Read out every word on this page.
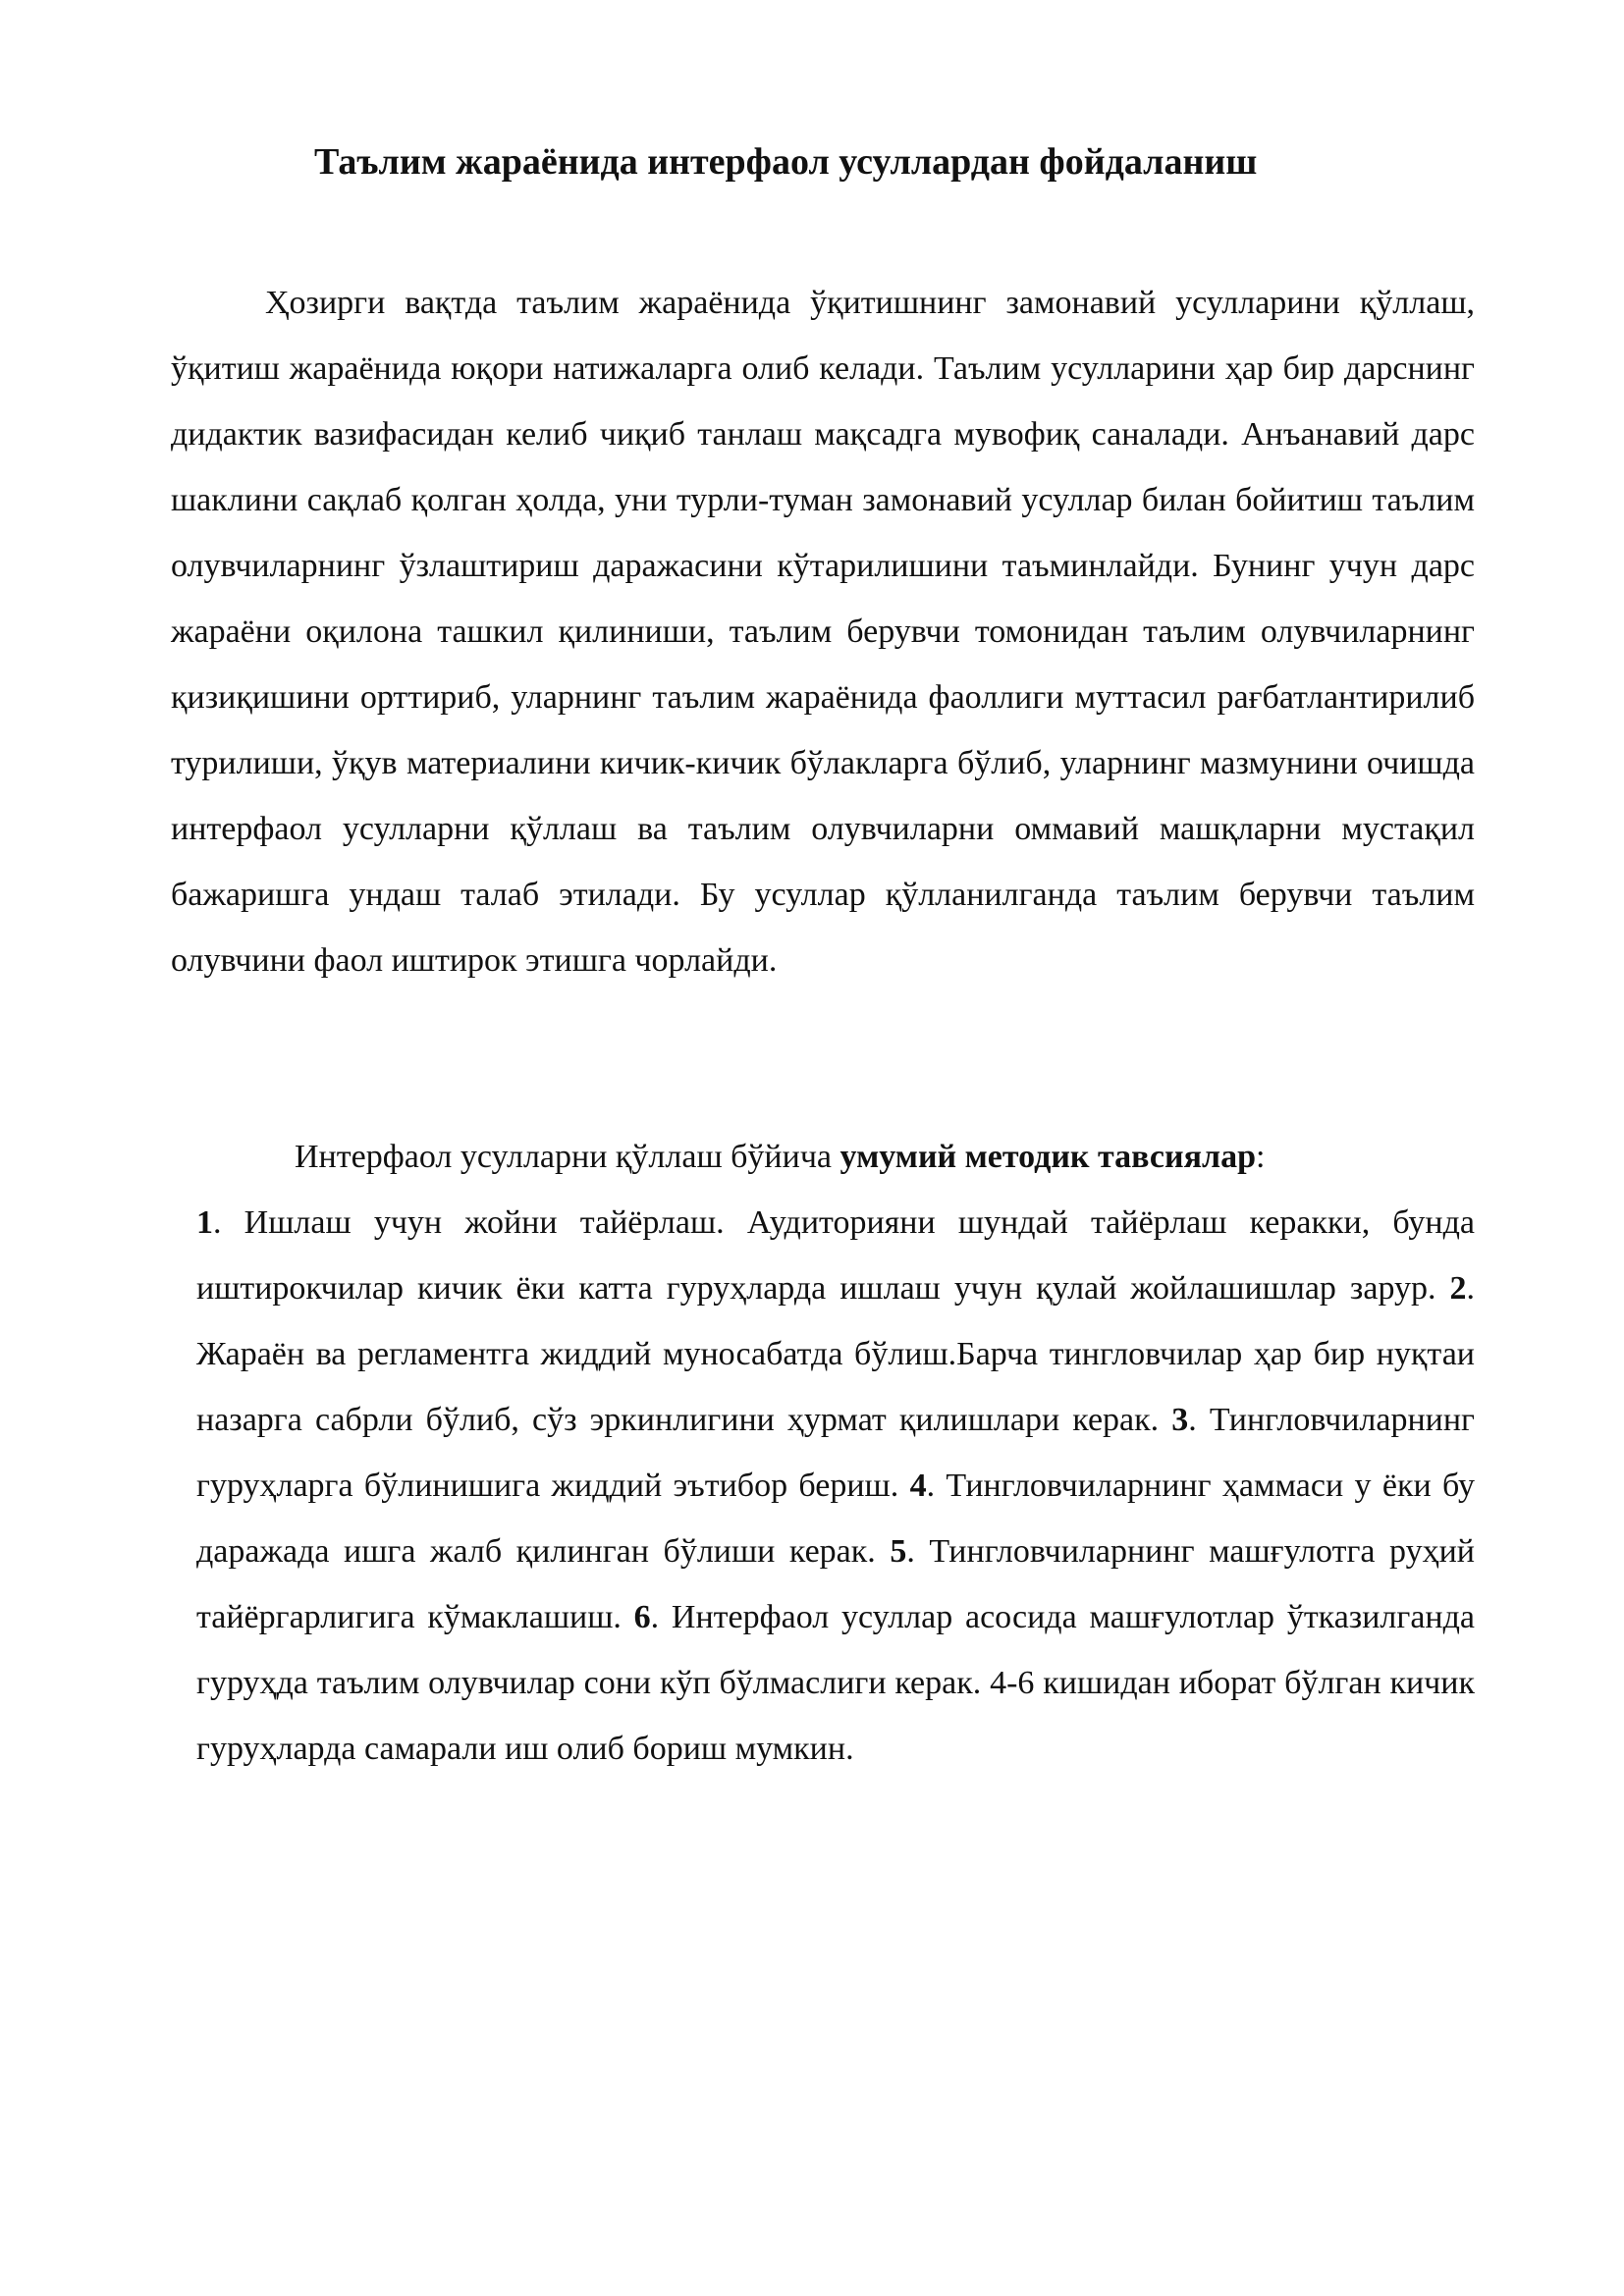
Таълим жараёнида интерфаол усуллардан фойдаланиш

Ҳозирги вақтда таълим жараёнида ўқитишнинг замонавий усулларини қўллаш, ўқитиш жараёнида юқори натижаларга олиб келади. Таълим усулларини ҳар бир дарснинг дидактик вазифасидан келиб чиқиб танлаш мақсадга мувофиқ саналади. Анъанавий дарс шаклини сақлаб қолган ҳолда, уни турли-туман замонавий усуллар билан бойитиш таълим олувчиларнинг ўзлаштириш даражасини кўтарилишини таъминлайди. Бунинг учун дарс жараёни оқилона ташкил қилиниши, таълим берувчи томонидан таълим олувчиларнинг қизиқишини орттириб, уларнинг таълим жараёнида фаоллиги муттасил рағбатлантирилиб турилиши, ўқув материалини кичик-кичик бўлакларга бўлиб, уларнинг мазмунини очишда интерфаол усулларни қўллаш ва таълим олувчиларни оммавий машқларни мустақил бажаришга ундаш талаб этилади. Бу усуллар қўлланилганда таълим берувчи таълим олувчини фаол иштирок этишга чорлайди.

Интерфаол усулларни қўллаш бўйича умумий методик тавсиялар:
1. Ишлаш учун жойни тайёрлаш. Аудиторияни шундай тайёрлаш керакки, бунда иштирокчилар кичик ёки катта гуруҳларда ишлаш учун қулай жойлашишлар зарур. 2. Жараён ва регламентга жиддий муносабатда бўлиш.Барча тингловчилар ҳар бир нуқтаи назарга сабрли бўлиб, сўз эркинлигини ҳурмат қилишлари керак. 3. Тингловчиларнинг гуруҳларга бўлинишига жиддий эътибор бериш. 4. Тингловчиларнинг ҳаммаси у ёки бу даражада ишга жалб қилинган бўлиши керак. 5. Тингловчиларнинг машғулотга руҳий тайёргарлигига кўмаклашиш. 6. Интерфаол усуллар асосида машғулотлар ўтказилганда гуруҳда таълим олувчилар сони кўп бўлмаслиги керак. 4-6 кишидан иборат бўлган кичик гуруҳларда самарали иш олиб бориш мумкин.
